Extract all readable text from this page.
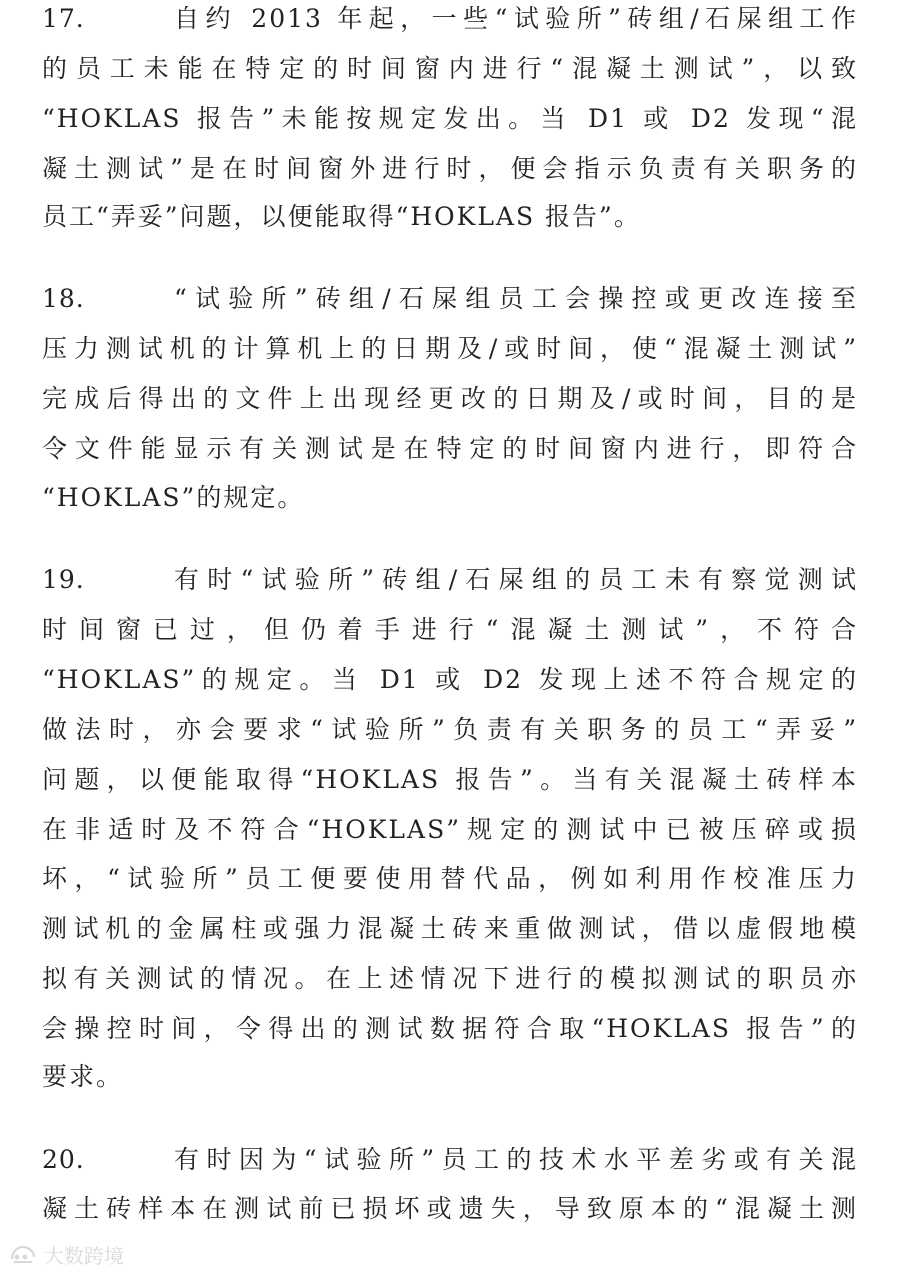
17.	自约 2013 年起，一些“试验所”砖组/石屎组工作
的员工未能在特定的时间窗内进行“混凝土测试”，以致
“HOKLAS 报告”未能按规定发出。当 D1 或 D2 发现“混
凝土测试”是在时间窗外进行时，便会指示负责有关职务的
员工“弄妥”问题，以便能取得“HOKLAS 报告”。
18.	“试验所”砖组/石屎组员工会操控或更改连接至
压力测试机的计算机上的日期及/或时间，使“混凝土测试”
完成后得出的文件上出现经更改的日期及/或时间，目的是
令文件能显示有关测试是在特定的时间窗内进行，即符合
“HOKLAS”的规定。
19.	有时“试验所”砖组/石屎组的员工未有察觉测试
时间窗已过，但仍着手进行“混凝土测试”，不符合
“HOKLAS”的规定。当 D1 或 D2 发现上述不符合规定的
做法时，亦会要求“试验所”负责有关职务的员工“弄妥”
问题，以便能取得“HOKLAS 报告”。当有关混凝土砖样本
在非适时及不符合“HOKLAS”规定的测试中已被压碎或损
坏，“试验所”员工便要使用替代品，例如利用作校准压力
测试机的金属柱或强力混凝土砖来重做测试，借以虚假地模
拟有关测试的情况。在上述情况下进行的模拟测试的职员亦
会操控时间，令得出的测试数据符合取“HOKLAS 报告”的
要求。
20.	有时因为“试验所”员工的技术水平差劣或有关混
凝土砖样本在测试前已损坏或遗失，导致原本的“混凝土测
大数跨境
